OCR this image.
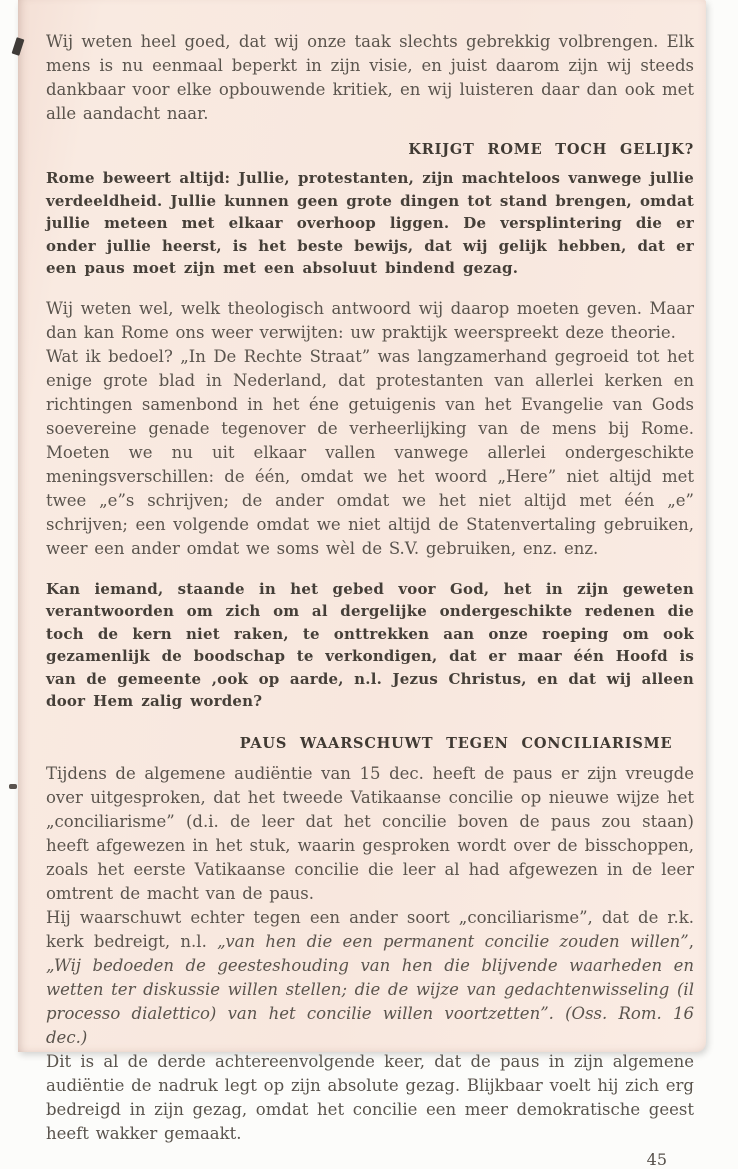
Wij weten heel goed, dat wij onze taak slechts gebrekkig volbrengen. Elk mens is nu eenmaal beperkt in zijn visie, en juist daarom zijn wij steeds dankbaar voor elke opbouwende kritiek, en wij luisteren daar dan ook met alle aandacht naar.

KRIJGT ROME TOCH GELIJK?

Rome beweert altijd: Jullie, protestanten, zijn machteloos vanwege jullie verdeeldheid. Jullie kunnen geen grote dingen tot stand brengen, omdat jullie meteen met elkaar overhoop liggen. De versplintering die er onder jullie heerst, is het beste bewijs, dat wij gelijk hebben, dat er een paus moet zijn met een absoluut bindend gezag.

Wij weten wel, welk theologisch antwoord wij daarop moeten geven. Maar dan kan Rome ons weer verwijten: uw praktijk weerspreekt deze theorie.

Wat ik bedoel? „In De Rechte Straat” was langzamerhand gegroeid tot het enige grote blad in Nederland, dat protestanten van allerlei kerken en richtingen samenbond in het éne getuigenis van het Evangelie van Gods soevereine genade tegenover de verheerlijking van de mens bij Rome. Moeten we nu uit elkaar vallen vanwege allerlei ondergeschikte meningsverschillen: de één, omdat we het woord „Here” niet altijd met twee „e”s schrijven; de ander omdat we het niet altijd met één „e” schrijven; een volgende omdat we niet altijd de Statenvertaling gebruiken, weer een ander omdat we soms wèl de S.V. gebruiken, enz. enz.

Kan iemand, staande in het gebed voor God, het in zijn geweten verantwoorden om zich om al dergelijke ondergeschikte redenen die toch de kern niet raken, te onttrekken aan onze roeping om ook gezamenlijk de boodschap te verkondigen, dat er maar één Hoofd is van de gemeente ,ook op aarde, n.l. Jezus Christus, en dat wij alleen door Hem zalig worden?

PAUS WAARSCHUWT TEGEN CONCILIARISME

Tijdens de algemene audiëntie van 15 dec. heeft de paus er zijn vreugde over uitgesproken, dat het tweede Vatikaanse concilie op nieuwe wijze het „conciliarisme” (d.i. de leer dat het concilie boven de paus zou staan) heeft afgewezen in het stuk, waarin gesproken wordt over de bisschoppen, zoals het eerste Vatikaanse concilie die leer al had afgewezen in de leer omtrent de macht van de paus.

Hij waarschuwt echter tegen een ander soort „conciliarisme”, dat de r.k. kerk bedreigt, n.l. „van hen die een permanent concilie zouden willen”, „Wij bedoeden de geesteshouding van hen die blijvende waarheden en wetten ter diskussie willen stellen; die de wijze van gedachtenwisseling (il processo dialettico) van het concilie willen voortzetten”. (Oss. Rom. 16 dec.)

Dit is al de derde achtereenvolgende keer, dat de paus in zijn algemene audiëntie de nadruk legt op zijn absolute gezag. Blijkbaar voelt hij zich erg bedreigd in zijn gezag, omdat het concilie een meer demokratische geest heeft wakker gemaakt.

45
